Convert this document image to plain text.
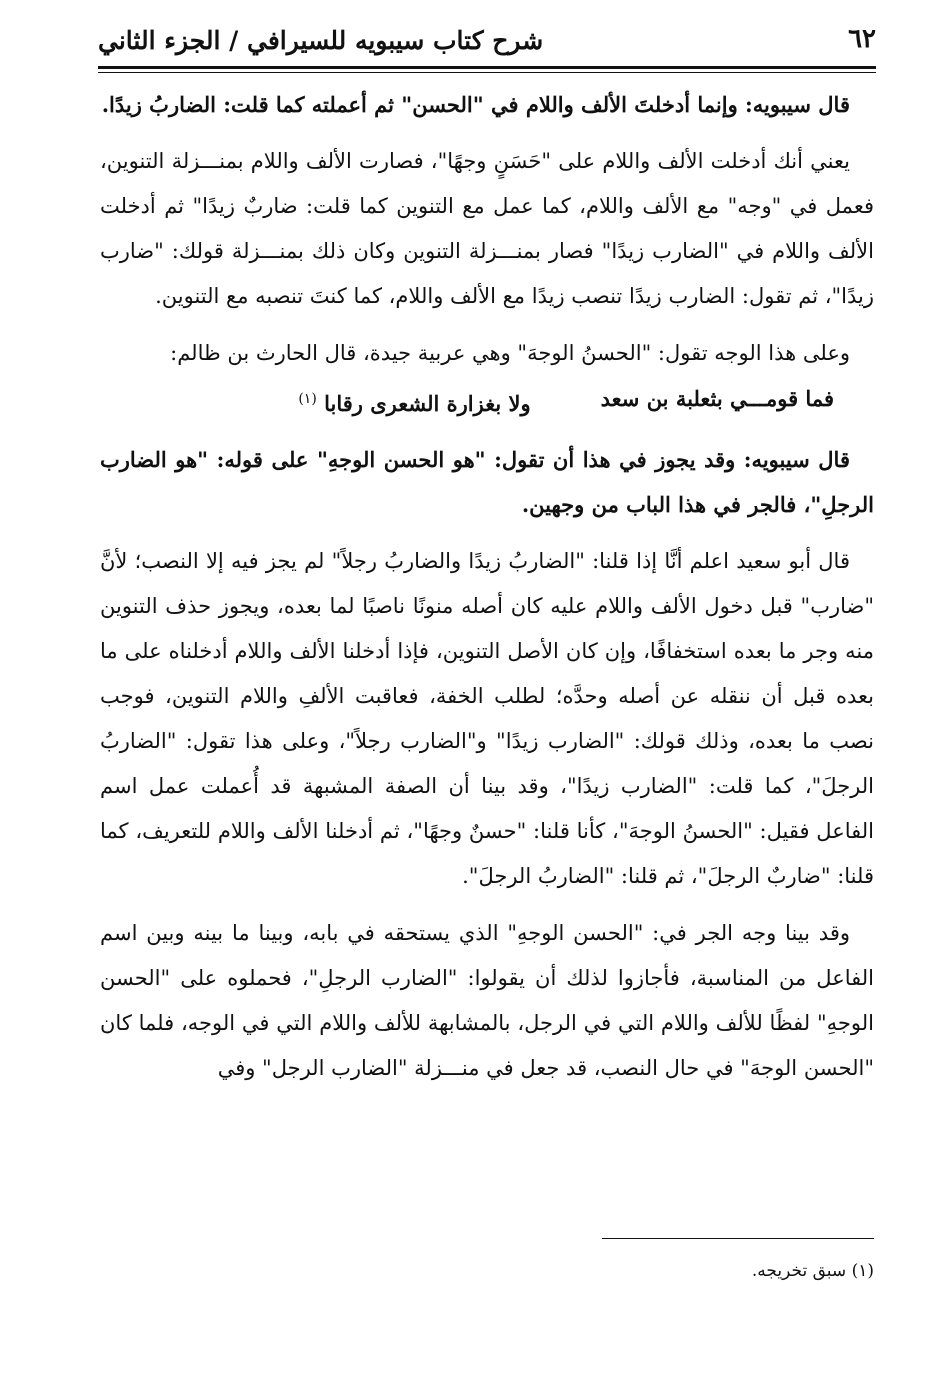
٦٢
شرح كتاب سيبويه للسيرافي / الجزء الثاني

قال سيبويه: وإنما أدخلتَ الألف واللام في "الحسن" ثم أعملته كما قلت: الضاربُ زيدًا.

يعني أنك أدخلت الألف واللام على "حَسَنٍ وجهًا"، فصارت الألف واللام بمنـــزلة التنوين، فعمل في "وجه" مع الألف واللام، كما عمل مع التنوين كما قلت: ضاربٌ زيدًا" ثم أدخلت الألف واللام في "الضارب زيدًا" فصار بمنـــزلة التنوين وكان ذلك بمنـــزلة قولك: "ضارب زيدًا"، ثم تقول: الضارب زيدًا تنصب زيدًا مع الألف واللام، كما كنتَ تنصبه مع التنوين.

وعلى هذا الوجه تقول: "الحسنُ الوجهَ" وهي عربية جيدة، قال الحارث بن ظالم:

فما قومـــي بثعلبة بن سعد
ولا بغزارة الشعرى رقابا $^{(١)}$

قال سيبويه: وقد يجوز في هذا أن تقول: "هو الحسن الوجهِ" على قوله: "هو الضارب الرجلِ"، فالجر في هذا الباب من وجهين.

قال أبو سعيد اعلم أنَّا إذا قلنا: "الضاربُ زيدًا والضاربُ رجلاً" لم يجز فيه إلا النصب؛ لأنَّ "ضارب" قبل دخول الألف واللام عليه كان أصله منونًا ناصبًا لما بعده، ويجوز حذف التنوين منه وجر ما بعده استخفافًا، وإن كان الأصل التنوين، فإذا أدخلنا الألف واللام أدخلناه على ما بعده قبل أن ننقله عن أصله وحدَّه؛ لطلب الخفة، فعاقبت الألفِ واللام التنوين، فوجب نصب ما بعده، وذلك قولك: "الضارب زيدًا" و"الضارب رجلاً"، وعلى هذا تقول: "الضاربُ الرجلَ"، كما قلت: "الضارب زيدًا"، وقد بينا أن الصفة المشبهة قد أُعملت عمل اسم الفاعل فقيل: "الحسنُ الوجهَ"، كأنا قلنا: "حسنٌ وجهًا"، ثم أدخلنا الألف واللام للتعريف، كما قلنا: "ضاربٌ الرجلَ"، ثم قلنا: "الضاربُ الرجلَ".

وقد بينا وجه الجر في: "الحسن الوجهِ" الذي يستحقه في بابه، وبينا ما بينه وبين اسم الفاعل من المناسبة، فأجازوا لذلك أن يقولوا: "الضارب الرجلِ"، فحملوه على "الحسن الوجهِ" لفظًا للألف واللام التي في الرجل، بالمشابهة للألف واللام التي في الوجه، فلما كان "الحسن الوجهَ" في حال النصب، قد جعل في منـــزلة "الضارب الرجل" وفي

(١) سبق تخريجه.
